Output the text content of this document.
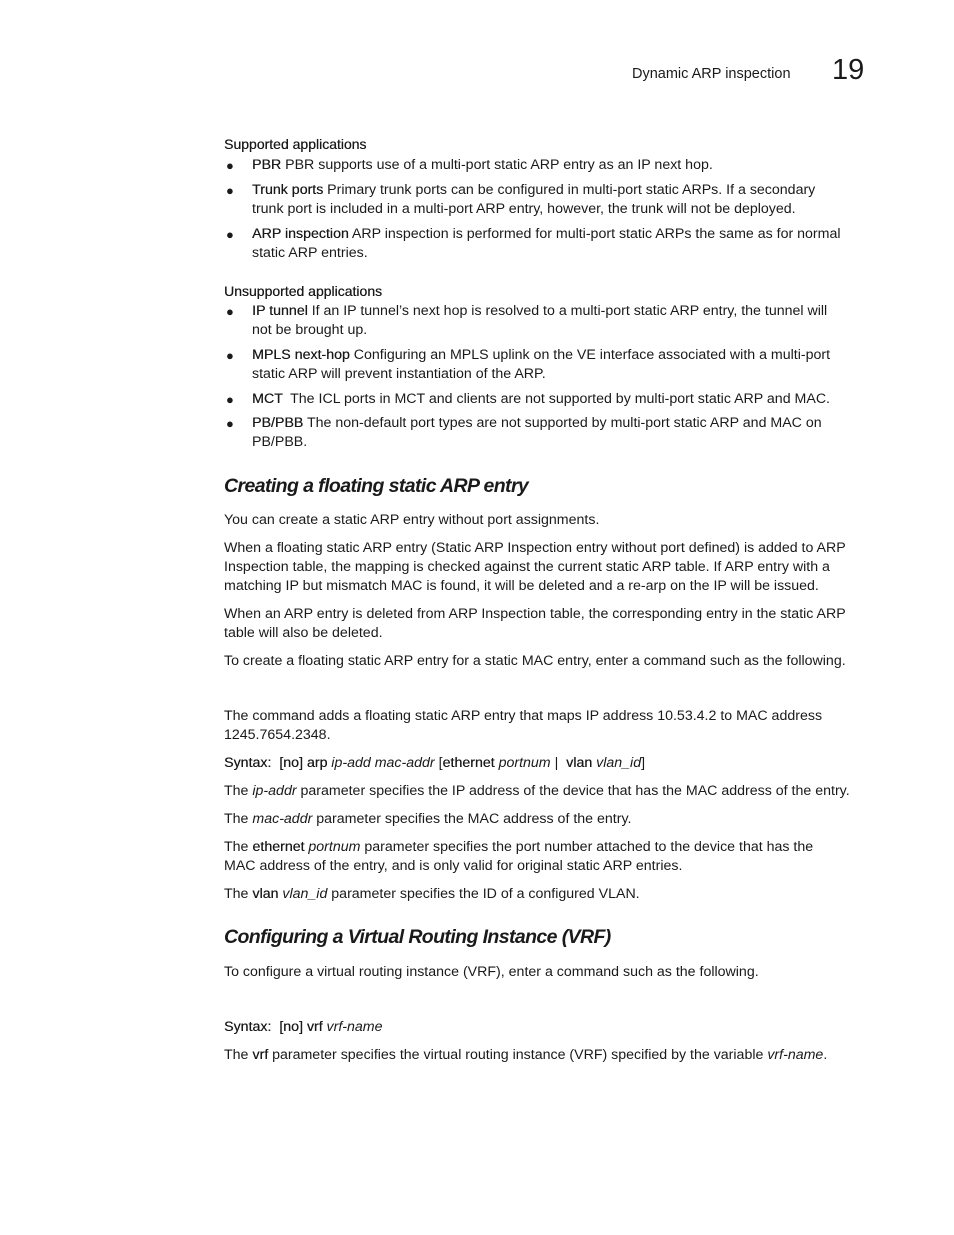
Dynamic ARP inspection 19
Supported applications
● PBR PBR supports use of a multi-port static ARP entry as an IP next hop.
● Trunk ports Primary trunk ports can be configured in multi-port static ARPs. If a secondary
trunk port is included in a multi-port ARP entry, however, the trunk will not be deployed.
● ARP inspection ARP inspection is performed for multi-port static ARPs the same as for normal
static ARP entries.
Unsupported applications
● IP tunnel If an IP tunnel’s next hop is resolved to a multi-port static ARP entry, the tunnel will
not be brought up.
● MPLS next-hop Configuring an MPLS uplink on the VE interface associated with a multi-port
static ARP will prevent instantiation of the ARP.
● MCT  The ICL ports in MCT and clients are not supported by multi-port static ARP and MAC.
● PB/PBB The non-default port types are not supported by multi-port static ARP and MAC on
PB/PBB.
Creating a floating static ARP entry
You can create a static ARP entry without port assignments.
When a floating static ARP entry (Static ARP Inspection entry without port defined) is added to ARP
Inspection table, the mapping is checked against the current static ARP table. If ARP entry with a
matching IP but mismatch MAC is found, it will be deleted and a re-arp on the IP will be issued.
When an ARP entry is deleted from ARP Inspection table, the corresponding entry in the static ARP
table will also be deleted.
To create a floating static ARP entry for a static MAC entry, enter a command such as the following.
The command adds a floating static ARP entry that maps IP address 10.53.4.2 to MAC address
1245.7654.2348.
Syntax: [no] arp ip-add mac-addr [ethernet portnum | vlan vlan_id]
The ip-addr parameter specifies the IP address of the device that has the MAC address of the entry.
The mac-addr parameter specifies the MAC address of the entry.
The ethernet portnum parameter specifies the port number attached to the device that has the
MAC address of the entry, and is only valid for original static ARP entries.
The vlan vlan_id parameter specifies the ID of a configured VLAN.
Configuring a Virtual Routing Instance (VRF)
To configure a virtual routing instance (VRF), enter a command such as the following.
Syntax: [no] vrf vrf-name
The vrf parameter specifies the virtual routing instance (VRF) specified by the variable vrf-name.
